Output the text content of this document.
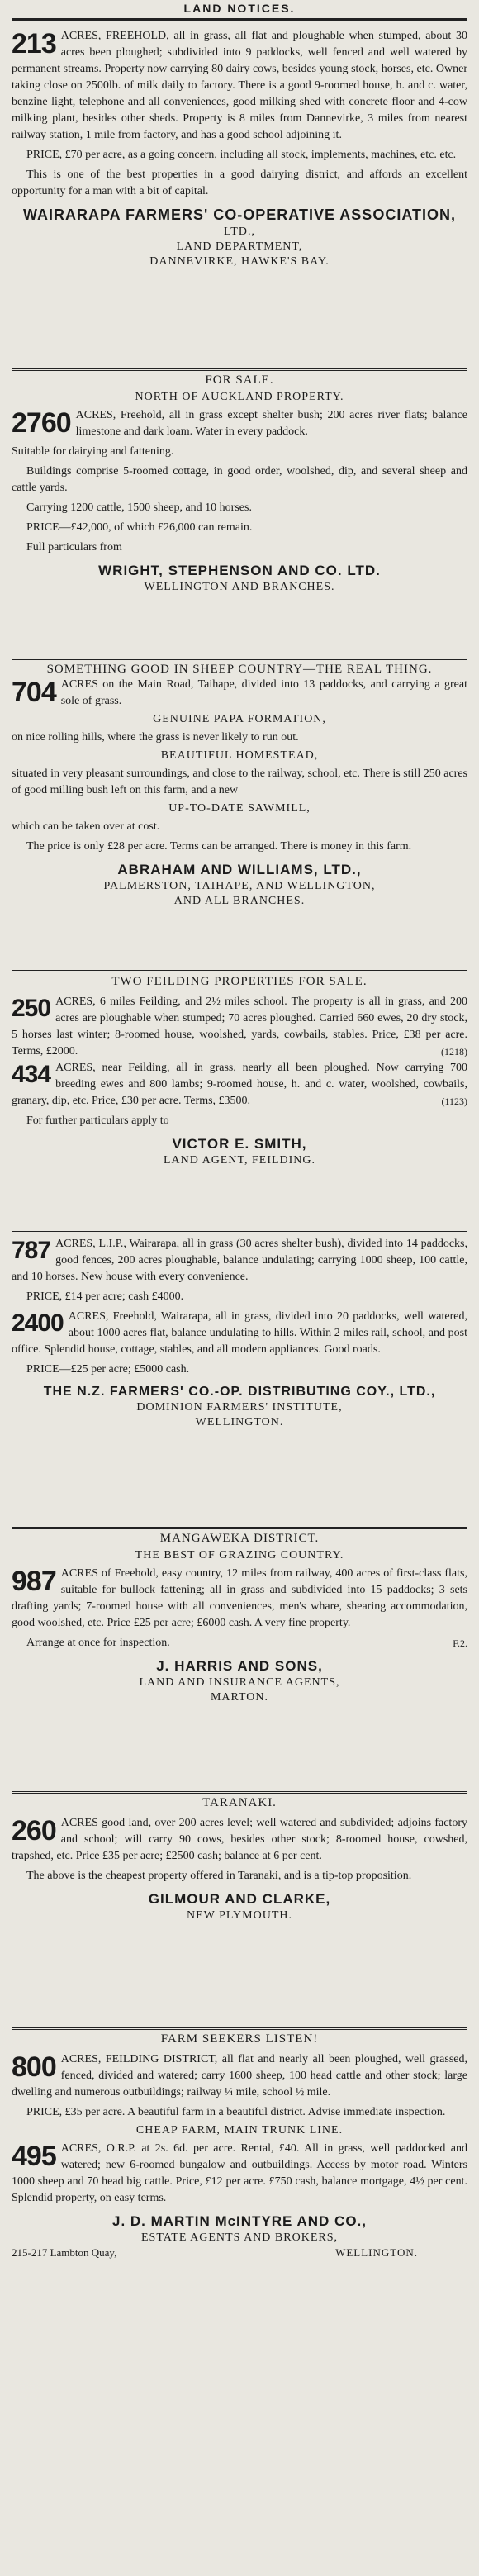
LAND NOTICES.

213 ACRES, FREEHOLD, all in grass, all flat and ploughable when stumped, about 30 acres been ploughed; subdivided into 9 paddocks, well fenced and well watered by permanent streams. Property now carrying 80 dairy cows, besides young stock, horses, etc. Owner taking close on 2500lb. of milk daily to factory. There is a good 9-roomed house, h. and c. water, benzine light, telephone and all conveniences, good milking shed with concrete floor and 4-cow milking plant, besides other sheds. Property is 8 miles from Dannevirke, 3 miles from nearest railway station, 1 mile from factory, and has a good school adjoining it.

PRICE, £70 per acre, as a going concern, including all stock, implements, machines, etc. etc.

This is one of the best properties in a good dairying district, and affords an excellent opportunity for a man with a bit of capital.

WAIRARAPA FARMERS' CO-OPERATIVE ASSOCIATION,
LTD.,
LAND DEPARTMENT,
DANNEVIRKE, HAWKE'S BAY.
FOR SALE.
NORTH OF AUCKLAND PROPERTY.

2760 ACRES, Freehold, all in grass except shelter bush; 200 acres river flats; balance limestone and dark loam. Water in every paddock.

Suitable for dairying and fattening.

Buildings comprise 5-roomed cottage, in good order, woolshed, dip, and several sheep and cattle yards.

Carrying 1200 cattle, 1500 sheep, and 10 horses.

PRICE—£42,000, of which £26,000 can remain.

Full particulars from

WRIGHT, STEPHENSON AND CO. LTD.
WELLINGTON AND BRANCHES.
SOMETHING GOOD IN SHEEP COUNTRY—THE REAL THING.

704 ACRES on the Main Road, Taihape, divided into 13 paddocks, and carrying a great sole of grass.

GENUINE PAPA FORMATION,

on nice rolling hills, where the grass is never likely to run out.

BEAUTIFUL HOMESTEAD,

situated in very pleasant surroundings, and close to the railway, school, etc. There is still 250 acres of good milling bush left on this farm, and a new

UP-TO-DATE SAWMILL,

which can be taken over at cost.

The price is only £28 per acre. Terms can be arranged. There is money in this farm.

ABRAHAM AND WILLIAMS, LTD.,
PALMERSTON, TAIHAPE, AND WELLINGTON,
AND ALL BRANCHES.
TWO FEILDING PROPERTIES FOR SALE.

250 ACRES, 6 miles Feilding, and 2½ miles school. The property is all in grass, and 200 acres are ploughable when stumped; 70 acres ploughed. Carried 660 ewes, 20 dry stock, 5 horses last winter; 8-roomed house, woolshed, yards, cowbails, stables. Price, £38 per acre. Terms, £2000.	(1218)

434 ACRES, near Feilding, all in grass, nearly all been ploughed. Now carrying 700 breeding ewes and 800 lambs; 9-roomed house, h. and c. water, woolshed, cowbails, granary, dip, etc. Price, £30 per acre. Terms, £3500.	(1123)

For further particulars apply to

VICTOR E. SMITH,
LAND AGENT, FEILDING.

787 ACRES, L.I.P., Wairarapa, all in grass (30 acres shelter bush), divided into 14 paddocks, good fences, 200 acres ploughable, balance undulating; carrying 1000 sheep, 100 cattle, and 10 horses. New house with every convenience.

PRICE, £14 per acre; cash £4000.

2400 ACRES, Freehold, Wairarapa, all in grass, divided into 20 paddocks, well watered, about 1000 acres flat, balance undulating to hills. Within 2 miles rail, school, and post office. Splendid house, cottage, stables, and all modern appliances. Good roads.

PRICE—£25 per acre; £5000 cash.

THE N.Z. FARMERS' CO.-OP. DISTRIBUTING COY., LTD.,
DOMINION FARMERS' INSTITUTE,
WELLINGTON.
MANGAWEKA DISTRICT.
THE BEST OF GRAZING COUNTRY.

987 ACRES of Freehold, easy country, 12 miles from railway, 400 acres of first-class flats, suitable for bullock fattening; all in grass and subdivided into 15 paddocks; 3 sets drafting yards; 7-roomed house with all conveniences, men's whare, shearing accommodation, good woolshed, etc. Price £25 per acre; £6000 cash. A very fine property.

Arrange at once for inspection.	F.2.

J. HARRIS AND SONS,
LAND AND INSURANCE AGENTS,
MARTON.
TARANAKI.

260 ACRES good land, over 200 acres level; well watered and subdivided; adjoins factory and school; will carry 90 cows, besides other stock; 8-roomed house, cowshed, trapshed, etc. Price £35 per acre; £2500 cash; balance at 6 per cent.

The above is the cheapest property offered in Taranaki, and is a tip-top proposition.

GILMOUR AND CLARKE,
NEW PLYMOUTH.
FARM SEEKERS LISTEN!

800 ACRES, FEILDING DISTRICT, all flat and nearly all been ploughed, well grassed, fenced, divided and watered; carry 1600 sheep, 100 head cattle and other stock; large dwelling and numerous outbuildings; railway ¼ mile, school ½ mile.

PRICE, £35 per acre. A beautiful farm in a beautiful district. Advise immediate inspection.

CHEAP FARM, MAIN TRUNK LINE.

495 ACRES, O.R.P. at 2s. 6d. per acre. Rental, £40. All in grass, well paddocked and watered; new 6-roomed bungalow and outbuildings. Access by motor road. Winters 1000 sheep and 70 head big cattle. Price, £12 per acre. £750 cash, balance mortgage, 4½ per cent. Splendid property, on easy terms.

J. D. MARTIN McINTYRE AND CO.,
ESTATE AGENTS AND BROKERS,
215-217 Lambton Quay,	WELLINGTON.
